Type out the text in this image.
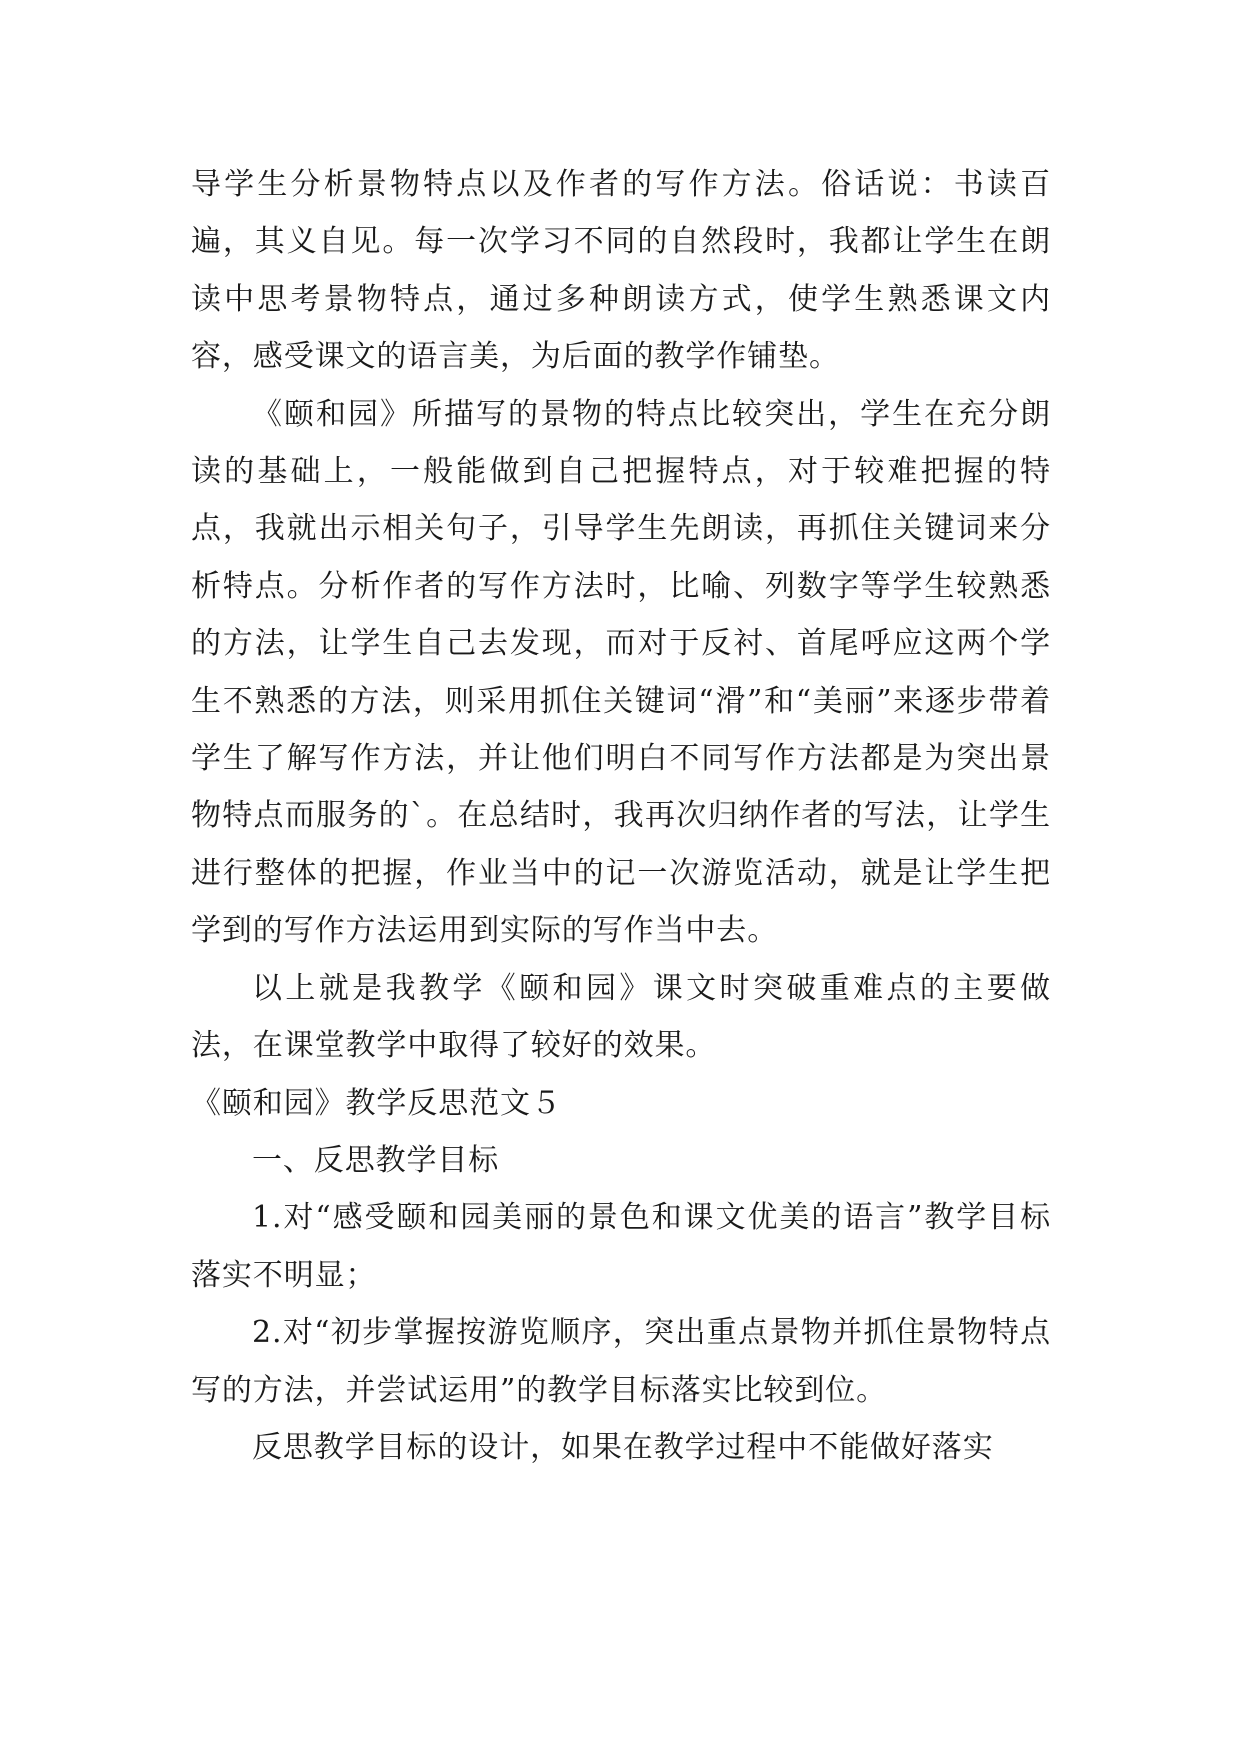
导学生分析景物特点以及作者的写作方法。俗话说：书读百遍，其义自见。每一次学习不同的自然段时，我都让学生在朗读中思考景物特点，通过多种朗读方式，使学生熟悉课文内容，感受课文的语言美，为后面的教学作铺垫。

《颐和园》所描写的景物的特点比较突出，学生在充分朗读的基础上，一般能做到自己把握特点，对于较难把握的特点，我就出示相关句子，引导学生先朗读，再抓住关键词来分析特点。分析作者的写作方法时，比喻、列数字等学生较熟悉的方法，让学生自己去发现，而对于反衬、首尾呼应这两个学生不熟悉的方法，则采用抓住关键词“滑”和“美丽”来逐步带着学生了解写作方法，并让他们明白不同写作方法都是为突出景物特点而服务的`。在总结时，我再次归纳作者的写法，让学生进行整体的把握，作业当中的记一次游览活动，就是让学生把学到的写作方法运用到实际的写作当中去。

以上就是我教学《颐和园》课文时突破重难点的主要做法，在课堂教学中取得了较好的效果。

《颐和园》教学反思范文５

一、反思教学目标

1.对“感受颐和园美丽的景色和课文优美的语言”教学目标落实不明显；

2.对“初步掌握按游览顺序，突出重点景物并抓住景物特点写的方法，并尝试运用”的教学目标落实比较到位。

反思教学目标的设计，如果在教学过程中不能做好落实
